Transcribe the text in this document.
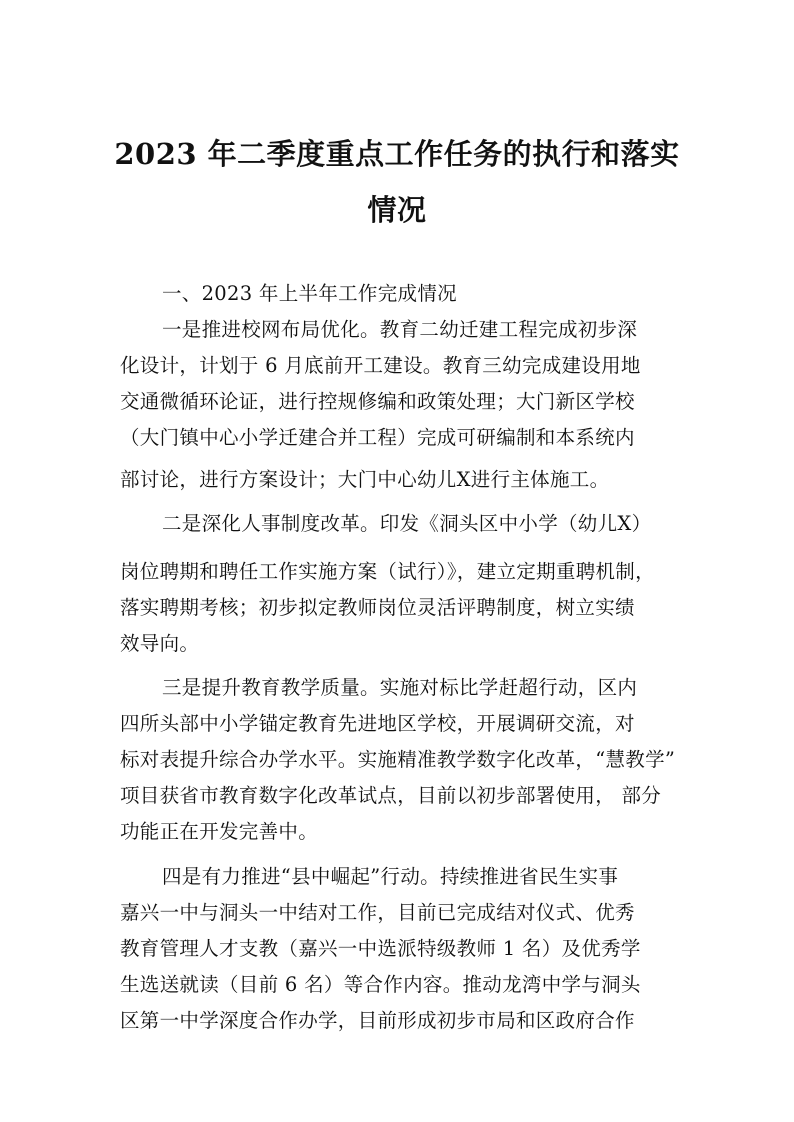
2023 年二季度重点工作任务的执行和落实
情况
一、2023 年上半年工作完成情况
一是推进校网布局优化。教育二幼迁建工程完成初步深
化设计，计划于 6 月底前开工建设。教育三幼完成建设用地
交通微循环论证，进行控规修编和政策处理；大门新区学校
（大门镇中心小学迁建合并工程）完成可研编制和本系统内
部讨论，进行方案设计；大门中心幼儿X进行主体施工。
二是深化人事制度改革。印发《洞头区中小学（幼儿X）
岗位聘期和聘任工作实施方案（试行）》，建立定期重聘机制，
落实聘期考核；初步拟定教师岗位灵活评聘制度，树立实绩
效导向。
三是提升教育教学质量。实施对标比学赶超行动，区内
四所头部中小学锚定教育先进地区学校，开展调研交流，对
标对表提升综合办学水平。实施精准教学数字化改革，“慧教学”
项目获省市教育数字化改革试点，目前以初步部署使用， 部分
功能正在开发完善中。
四是有力推进“县中崛起”行动。持续推进省民生实事
嘉兴一中与洞头一中结对工作，目前已完成结对仪式、优秀
教育管理人才支教（嘉兴一中选派特级教师 1 名）及优秀学
生选送就读（目前 6 名）等合作内容。推动龙湾中学与洞头
区第一中学深度合作办学，目前形成初步市局和区政府合作
